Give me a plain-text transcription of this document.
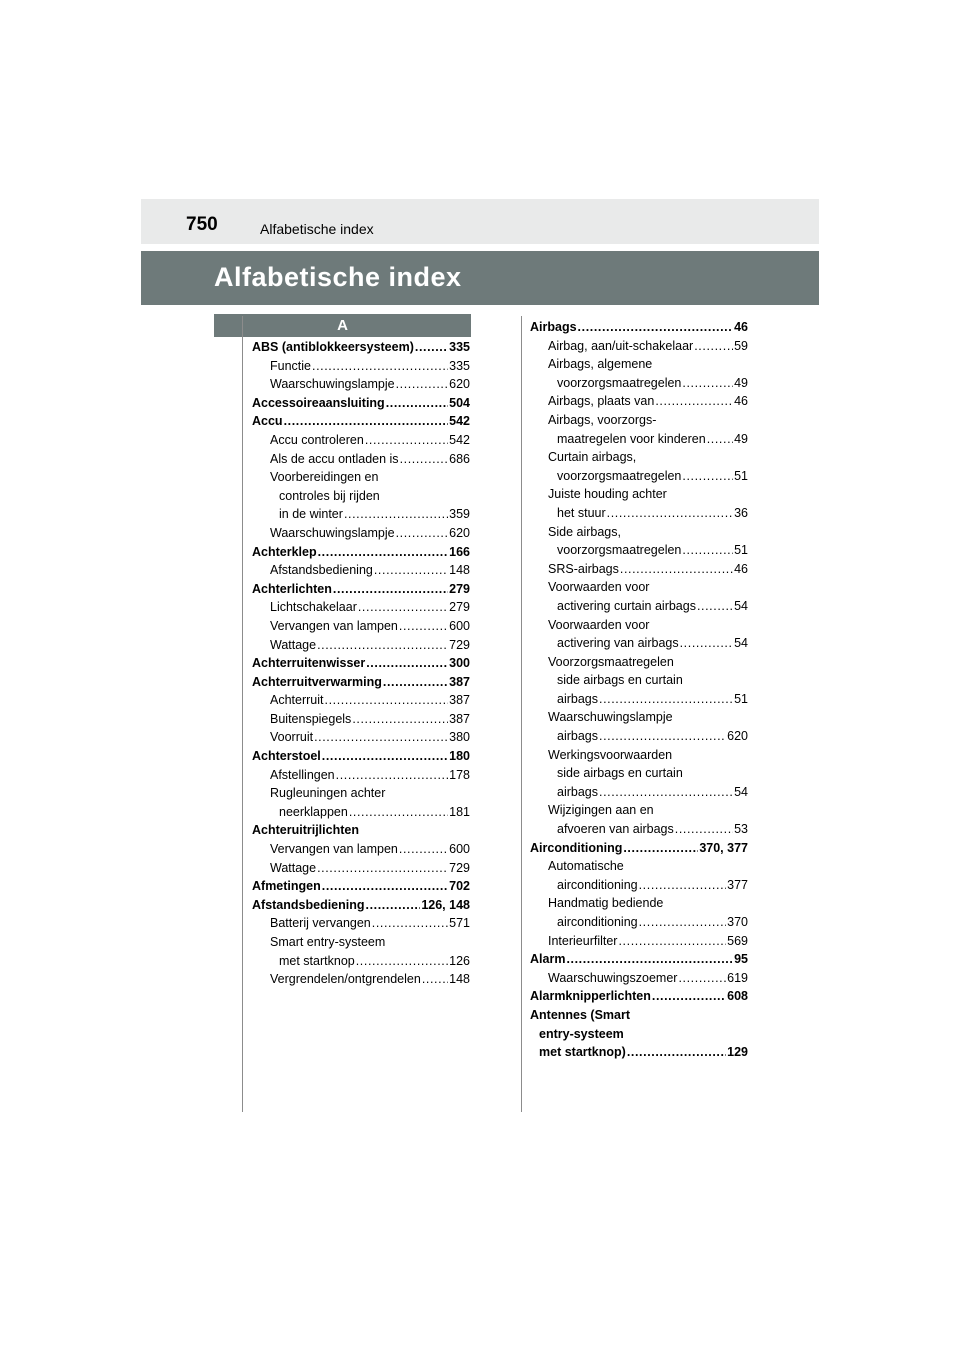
750	Alfabetische index
Alfabetische index
A
ABS (antiblokkeersysteem) .....	335
Functie .....	335
Waarschuwingslampje .....	620
Accessoireaansluiting .....	504
Accu .....	542
Accu controleren .....	542
Als de accu ontladen is .....	686
Voorbereidingen en
controles bij rijden
in de winter .....	359
Waarschuwingslampje .....	620
Achterklep .....	166
Afstandsbediening .....	148
Achterlichten .....	279
Lichtschakelaar .....	279
Vervangen van lampen .....	600
Wattage .....	729
Achterruitenwisser .....	300
Achterruitverwarming .....	387
Achterruit .....	387
Buitenspiegels .....	387
Voorruit .....	380
Achterstoel .....	180
Afstellingen .....	178
Rugleuningen achter
neerklappen .....	181
Achteruitrijlichten
Vervangen van lampen .....	600
Wattage .....	729
Afmetingen .....	702
Afstandsbediening .....	126, 148
Batterij vervangen .....	571
Smart entry-systeem
met startknop .....	126
Vergrendelen/ontgrendelen ..... 148
Airbags .....	46
Airbag, aan/uit-schakelaar .....	59
Airbags, algemene
voorzorgsmaatregelen .....	49
Airbags, plaats van .....	46
Airbags, voorzorgs-
maatregelen voor kinderen ..... 49
Curtain airbags,
voorzorgsmaatregelen .....	51
Juiste houding achter
het stuur .....	36
Side airbags,
voorzorgsmaatregelen .....	51
SRS-airbags .....	46
Voorwaarden voor
activering curtain airbags .....	54
Voorwaarden voor
activering van airbags .....	54
Voorzorgsmaatregelen
side airbags en curtain
airbags .....	51
Waarschuwingslampje
airbags .....	620
Werkingsvoorwaarden
side airbags en curtain
airbags .....	54
Wijzigingen aan en
afvoeren van airbags .....	53
Airconditioning .....	370, 377
Automatische
airconditioning .....	377
Handmatig bediende
airconditioning .....	370
Interieurfilter .....	569
Alarm .....	95
Waarschuwingszoemer .....	619
Alarmknipperlichten .....	608
Antennes (Smart
entry-systeem
met startknop) .....	129
